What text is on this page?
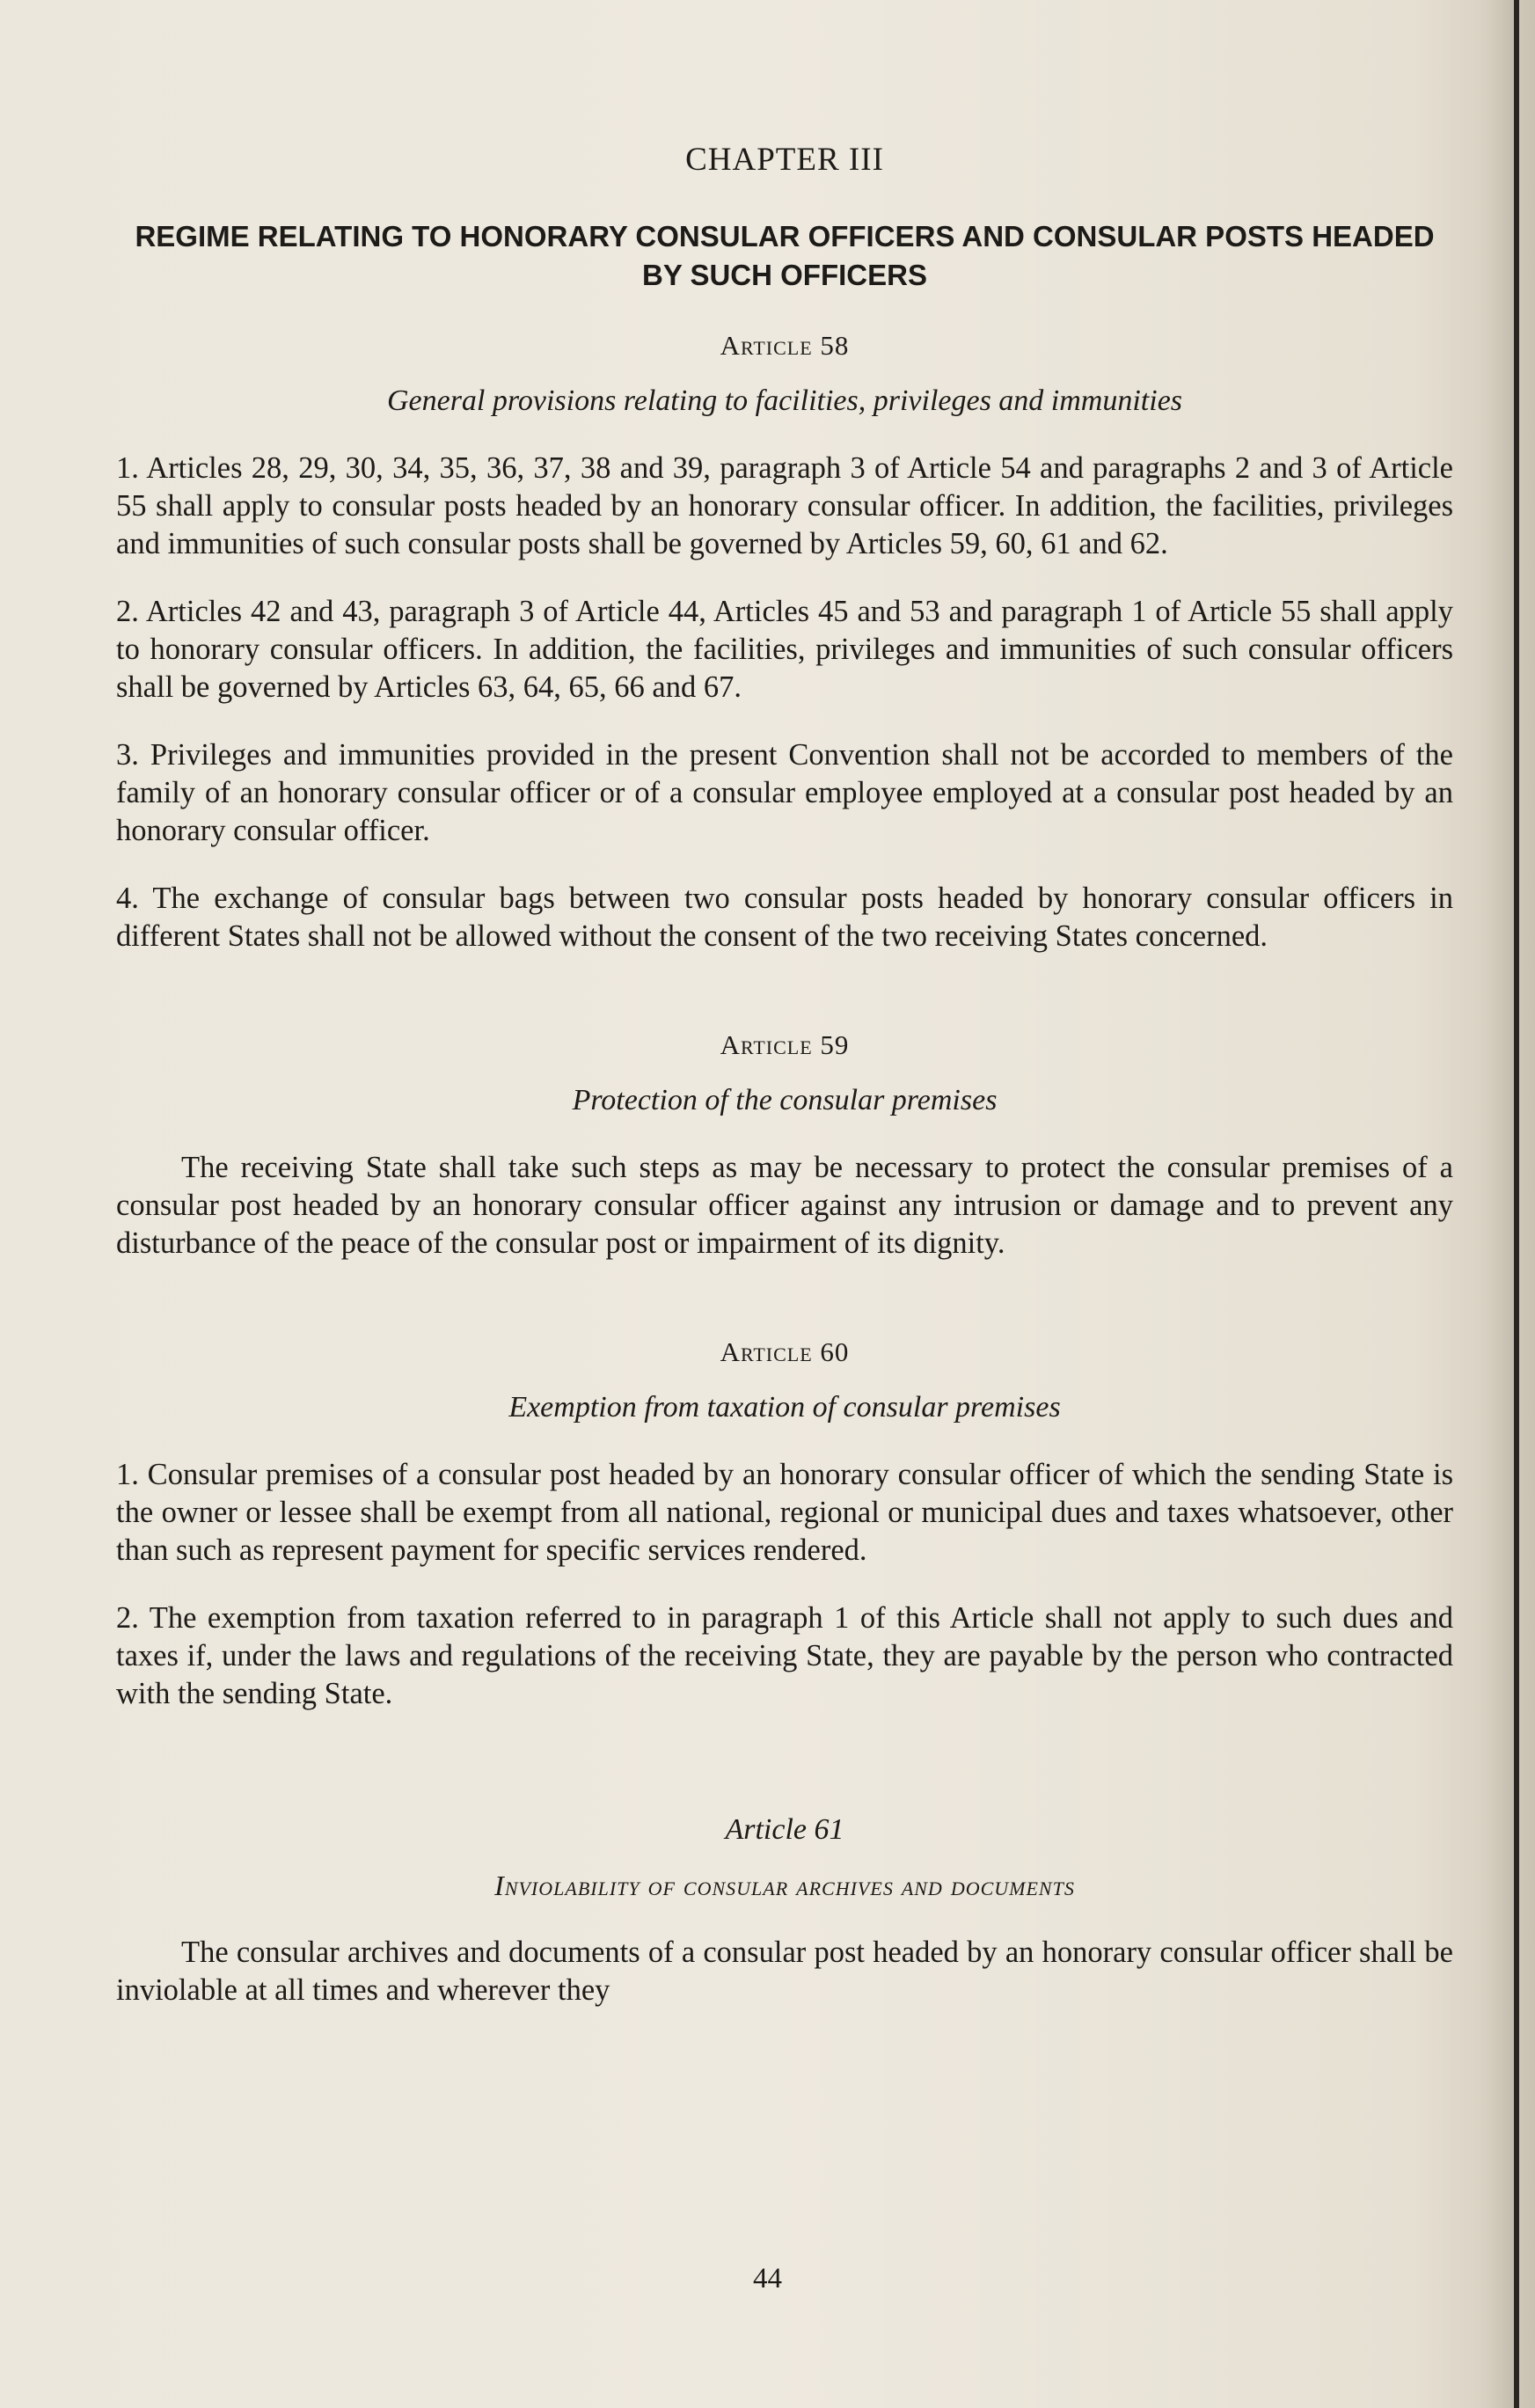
CHAPTER III
REGIME RELATING TO HONORARY CONSULAR OFFICERS AND CONSULAR POSTS HEADED BY SUCH OFFICERS
Article 58
General provisions relating to facilities, privileges and immunities

1. Articles 28, 29, 30, 34, 35, 36, 37, 38 and 39, paragraph 3 of Article 54 and paragraphs 2 and 3 of Article 55 shall apply to consular posts headed by an honorary consular officer. In addition, the facilities, privileges and immunities of such consular posts shall be governed by Articles 59, 60, 61 and 62.

2. Articles 42 and 43, paragraph 3 of Article 44, Articles 45 and 53 and paragraph 1 of Article 55 shall apply to honorary consular officers. In addition, the facilities, privileges and immunities of such consular officers shall be governed by Articles 63, 64, 65, 66 and 67.

3. Privileges and immunities provided in the present Convention shall not be accorded to members of the family of an honorary consular officer or of a consular employee employed at a consular post headed by an honorary consular officer.

4. The exchange of consular bags between two consular posts headed by honorary consular officers in different States shall not be allowed without the consent of the two receiving States concerned.

Article 59
Protection of the consular premises

The receiving State shall take such steps as may be necessary to protect the consular premises of a consular post headed by an honorary consular officer against any intrusion or damage and to prevent any disturbance of the peace of the consular post or impairment of its dignity.

Article 60
Exemption from taxation of consular premises

1. Consular premises of a consular post headed by an honorary consular officer of which the sending State is the owner or lessee shall be exempt from all national, regional or municipal dues and taxes whatsoever, other than such as represent payment for specific services rendered.

2. The exemption from taxation referred to in paragraph 1 of this Article shall not apply to such dues and taxes if, under the laws and regulations of the receiving State, they are payable by the person who contracted with the sending State.

Article 61
Inviolability of consular archives and documents

The consular archives and documents of a consular post headed by an honorary consular officer shall be inviolable at all times and wherever they

44
